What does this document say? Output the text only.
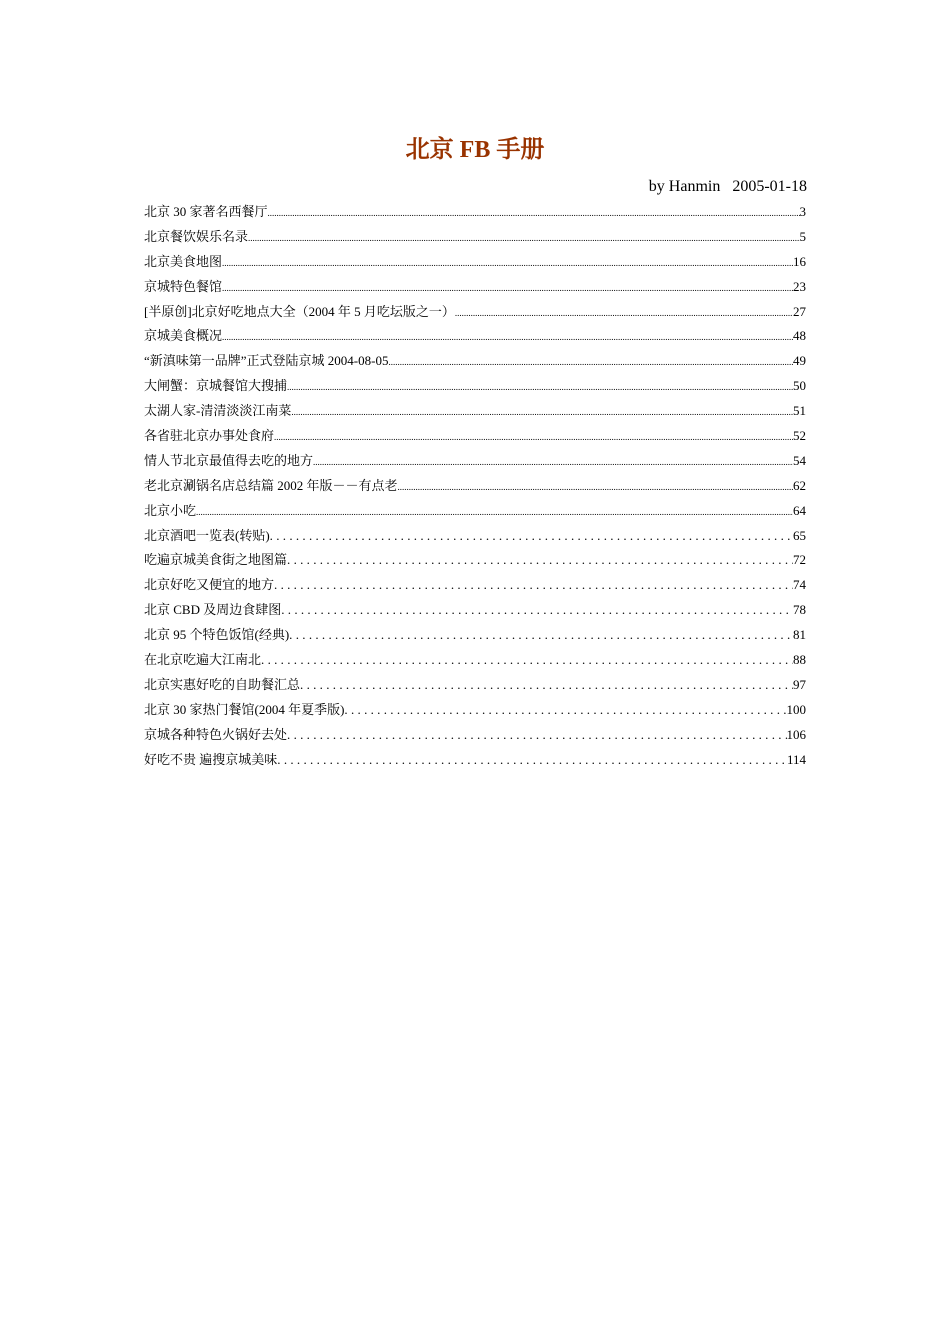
北京 FB 手册
by Hanmin   2005-01-18
北京 30 家著名西餐厅 .....	3
北京餐饮娱乐名录 .....	5
北京美食地图 .....	16
京城特色餐馆 .....	23
[半原创]北京好吃地点大全（2004 年 5 月吃坛版之一） .....	27
京城美食概况 .....	48
“新滇味第一品牌”正式登陆京城 2004-08-05 .....	49
大闸蟹：京城餐馆大搜捕 .....	50
太湖人家-清清淡淡江南菜 .....	51
各省驻北京办事处食府 .....	52
情人节北京最值得去吃的地方 .....	54
老北京涮锅名店总结篇 2002 年版－－有点老 .....	62
北京小吃 .....	64
北京酒吧一览表(转贴) .....	65
吃遍京城美食街之地图篇 .....	72
北京好吃又便宜的地方 .....	74
北京 CBD 及周边食肆图 .....	78
北京 95 个特色饭馆(经典) .....	81
在北京吃遍大江南北 .....	88
北京实惠好吃的自助餐汇总 .....	97
北京 30 家热门餐馆(2004 年夏季版) .....	100
京城各种特色火锅好去处 .....	106
好吃不贵 遍搜京城美味 .....	114
